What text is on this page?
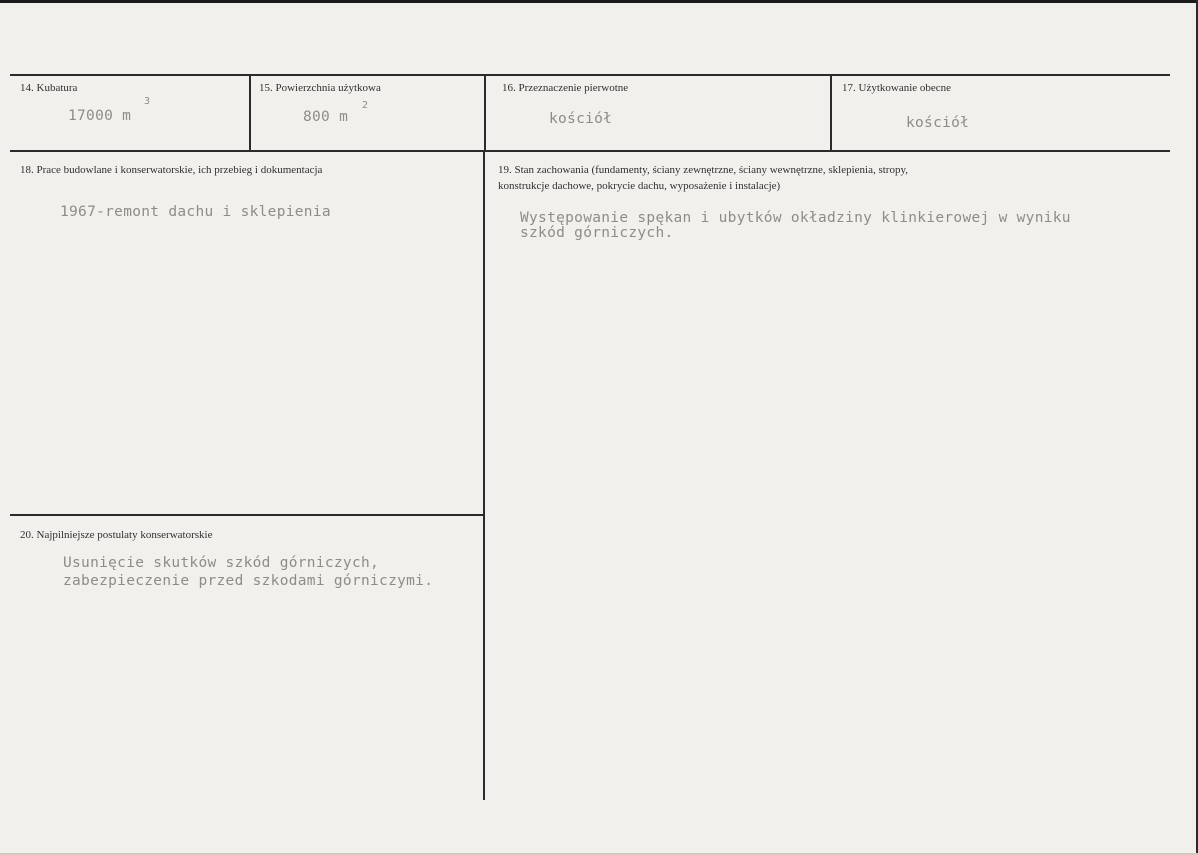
14. Kubatura
17000 m
3
15. Powierzchnia użytkowa
800 m
2
16. Przeznaczenie pierwotne
kościół
17. Użytkowanie obecne
kościół
18. Prace budowlane i konserwatorskie, ich przebieg i dokumentacja
1967-remont dachu i sklepienia
19. Stan zachowania (fundamenty, ściany zewnętrzne, ściany wewnętrzne, sklepienia, stropy,
konstrukcje dachowe, pokrycie dachu, wyposażenie i instalacje)
Występowanie spękan i ubytków okładziny klinkierowej w wyniku
szkód górniczych.
20. Najpilniejsze postulaty konserwatorskie
Usunięcie skutków szkód górniczych,
zabezpieczenie przed szkodami górniczymi.
